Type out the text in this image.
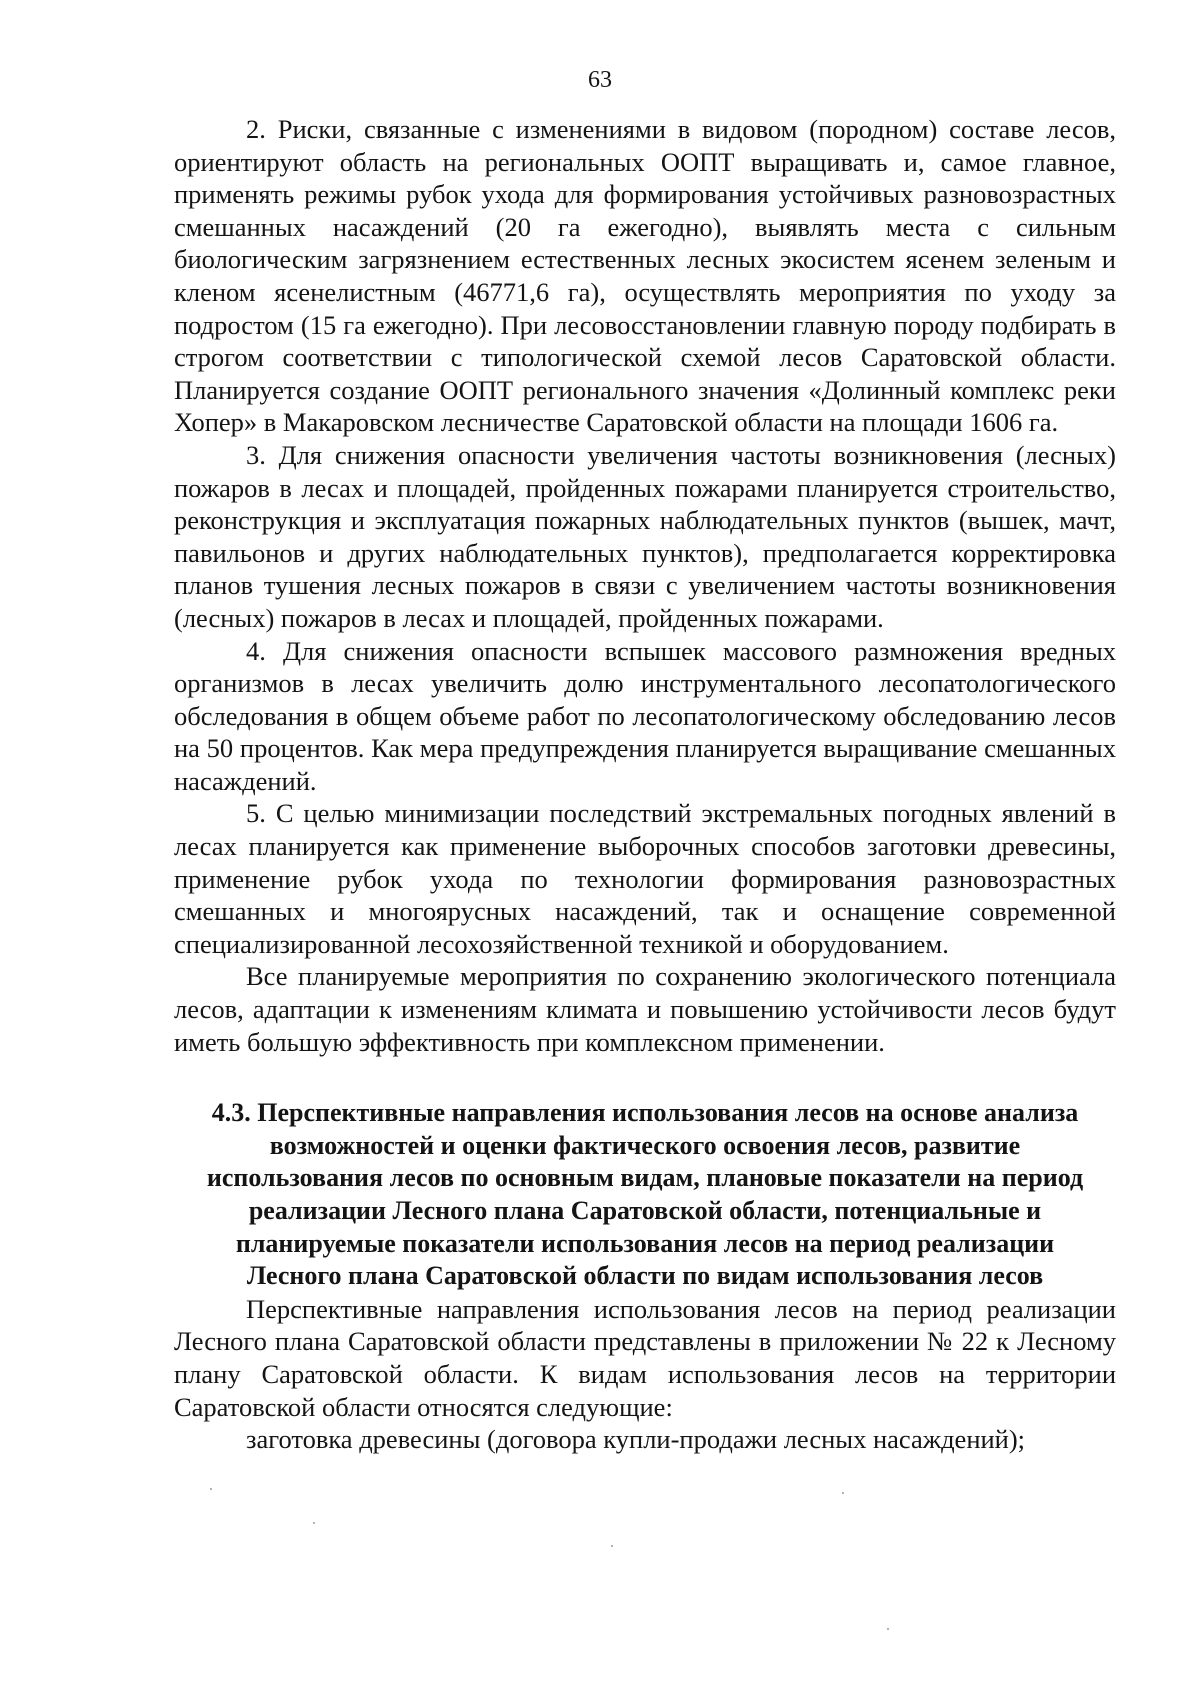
63

2. Риски, связанные с изменениями в видовом (породном) составе лесов, ориентируют область на региональных ООПТ выращивать и, самое главное, применять режимы рубок ухода для формирования устойчивых разновозрастных смешанных насаждений (20 га ежегодно), выявлять места с сильным биологическим загрязнением естественных лесных экосистем ясенем зеленым и кленом ясенелистным (46771,6 га), осуществлять мероприятия по уходу за подростом (15 га ежегодно). При лесовосстановлении главную породу подбирать в строгом соответствии с типологической схемой лесов Саратовской области. Планируется создание ООПТ регионального значения «Долинный комплекс реки Хопер» в Макаровском лесничестве Саратовской области на площади 1606 га.

3. Для снижения опасности увеличения частоты возникновения (лесных) пожаров в лесах и площадей, пройденных пожарами планируется строительство, реконструкция и эксплуатация пожарных наблюдательных пунктов (вышек, мачт, павильонов и других наблюдательных пунктов), предполагается корректировка планов тушения лесных пожаров в связи с увеличением частоты возникновения (лесных) пожаров в лесах и площадей, пройденных пожарами.

4. Для снижения опасности вспышек массового размножения вредных организмов в лесах увеличить долю инструментального лесопатологического обследования в общем объеме работ по лесопатологическому обследованию лесов на 50 процентов. Как мера предупреждения планируется выращивание смешанных насаждений.

5. С целью минимизации последствий экстремальных погодных явлений в лесах планируется как применение выборочных способов заготовки древесины, применение рубок ухода по технологии формирования разновозрастных смешанных и многоярусных насаждений, так и оснащение современной специализированной лесохозяйственной техникой и оборудованием.

Все планируемые мероприятия по сохранению экологического потенциала лесов, адаптации к изменениям климата и повышению устойчивости лесов будут иметь большую эффективность при комплексном применении.

4.3. Перспективные направления использования лесов на основе анализа возможностей и оценки фактического освоения лесов, развитие использования лесов по основным видам, плановые показатели на период реализации Лесного плана Саратовской области, потенциальные и планируемые показатели использования лесов на период реализации Лесного плана Саратовской области по видам использования лесов

Перспективные направления использования лесов на период реализации Лесного плана Саратовской области представлены в приложении № 22 к Лесному плану Саратовской области. К видам использования лесов на территории Саратовской области относятся следующие:

заготовка древесины (договора купли-продажи лесных насаждений);
